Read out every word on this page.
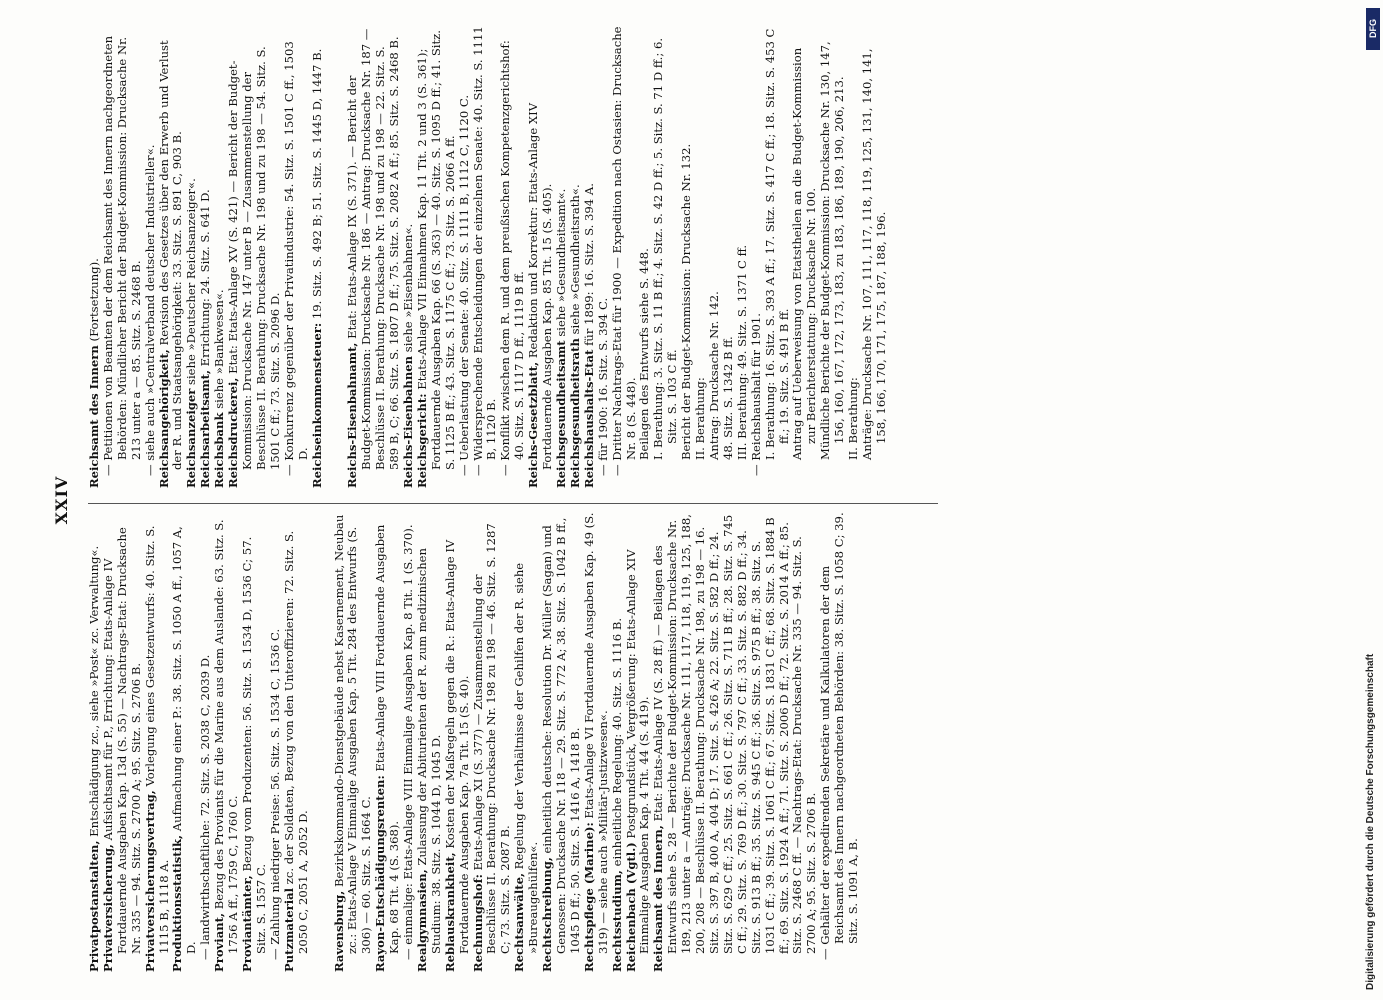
XXIV
Privatpostanstalten, Entschädigung zc., siehe »Post« zc. Verwaltung«.
Privatversicherung, Aufsichtsamt für P., Errichtung: Etats-Anlage IV Fortdauernde Ausgaben Kap. 13d (S. 55) — Nachtrags-Etat: Drucksache Nr. 335 — 94. Sitz. S. 2700 A; 95. Sitz. S. 2706 B. Privatversicherungsvertrag, Vorlegung eines Gesetzentwurfs: 40. Sitz. S. 1115 B, 1118 A. Produktionsstatistik, Aufmachung einer P.: 38. Sitz. S. 1050 A ff., 1057 A, D. — landwirthschaftliche: 72. Sitz. S. 2038 C, 2039 D. Proviant, Bezug des Proviants für die Marine aus dem Auslande: 63. Sitz. S. 1756 A ff., 1759 C, 1760 C. Proviantämter, Bezug vom Produzenten: 56. Sitz. S. 1534 D, 1536 C; 57. Sitz. S. 1557 C. — Zahlung niedriger Preise: 56. Sitz. S. 1534 C, 1536 C. Putzmaterial zc. der Soldaten, Bezug von den Unteroffizieren: 72. Sitz. S. 2050 C, 2051 A, 2052 D. Ravensburg, Bezirkskommando-Dienstgebäude nebst Kasernement, Neubau zc.: Etats-Anlage V Einmalige Ausgaben Kap. 5 Tit. 284 des Entwurfs (S. 306) — 60. Sitz. S. 1664 C. Rayon-Entschädigungsrenten: Etats-Anlage VIII Fortdauernde Ausgaben Kap. 68 Tit. 4 (S. 368). — einmalige: Etats-Anlage VIII Einmalige Ausgaben Kap. 8 Tit. 1 (S. 370). Realgymnasien, Zulassung der Abiturienten der R. zum medizinischen Studium: 38. Sitz. S. 1044 D, 1045 D. Reblauskrankheit, Kosten der Maßregeln gegen die R.: Etats-Anlage IV Fortdauernde Ausgaben Kap. 7a Tit. 15 (S. 40). Rechnungshof: Etats-Anlage XI (S. 377) — Zusammenstellung der Beschlüsse II. Berathung: Drucksache Nr. 198 zu 198 — 46. Sitz. S. 1287 C; 73. Sitz. S. 2087 B. Rechtsanwälte, Regelung der Verhältnisse der Gehilfen der R. siehe »Bureaugehülfen«. Rechtschreibung, einheitlich deutsche: Resolution Dr. Müller (Sagan) und Genossen: Drucksache Nr. 118 — 29. Sitz. S. 772 A; 38. Sitz. S. 1042 B ff., 1045 D ff.; 50. Sitz. S. 1416 A, 1418 B. Rechtspflege (Marine): Etats-Anlage VI Fortdauernde Ausgaben Kap. 49 (S. 319) — siehe auch »Militär-Justizwesen«. Rechtsstudium, einheitliche Regelung: 40. Sitz. S. 1116 B.
Reichenbach (Vgtl.) Postgrundstück, Vergrößerung: Etats-Anlage XIV Einmalige Ausgaben Kap. 4 Tit. 44 (S. 419). Reichsamt des Innern, Etat: Etats-Anlage IV (S. 28 ff.) — Beilagen des Entwurfs siehe S. 28 — Berichte der Budget-Kommission: Drucksache Nr. 189, 213 unter a — Anträge: Drucksache Nr. 111, 117, 118, 119, 125, 188, 200, 208 — Beschlüsse II. Berathung: Drucksache Nr. 198, zu 198 — 16. Sitz. S. 397 B, 400 A, 404 D; 17. Sitz. S. 426 A; 22. Sitz. S. 582 D ff.; 24. Sitz. S. 629 C ff.; 25. Sitz. S. 661 C ff.; 26. Sitz. S. 711 B ff.; 28. Sitz. S. 745 C ff.; 29. Sitz. S. 769 D ff.; 30. Sitz. S. 797 C ff.; 33. Sitz. S. 882 D ff.; 34. Sitz. S. 913 B ff.; 35. Sitz. S. 945 C ff.; 36. Sitz. S. 975 B ff.; 38. Sitz. S. 1031 C ff.; 39. Sitz. S. 1061 C ff.; 67. Sitz. S. 1831 C ff.; 68. Sitz. S. 1884 B ff.; 69. Sitz. S. 1924 A ff.; 71. Sitz. S. 2006 D ff.; 72. Sitz. S. 2014 A ff.; 85. Sitz. S. 2468 C ff. — Nachtrags-Etat: Drucksache Nr. 335 — 94. Sitz. S. 2700 A; 95. Sitz. S. 2706 B. — Gehälter der expedirenden Sekretäre und Kalkulatoren der dem Reichsamt des Innern nachgeordneten Behörden: 38. Sitz. S. 1058 C; 39. Sitz. S. 1091 A, B.
Reichsamt des Innern (Fortsetzung). — Petitionen von Beamten der dem Reichsamt des Innern nachgeordneten Behörden: Mündlicher Bericht der Budget-Kommission: Drucksache Nr. 213 unter a — 85. Sitz. S. 2468 B. — siehe auch »Centralverband deutscher Industrieller«. Reichsangehörigkeit, Revision des Gesetzes über den Erwerb und Verlust der R. und Staatsangehörigkeit: 33. Sitz. S. 891 C, 903 B. Reichsanzeiger siehe »Deutscher Reichsanzeiger«.
Reichsarbeitsamt, Errichtung: 24. Sitz. S. 641 D.
Reichsbank siehe »Bankwesen«.
Reichsdruckerei, Etat: Etats-Anlage XV (S. 421) — Bericht der Budget-Kommission: Drucksache Nr. 147 unter B — Zusammenstellung der Beschlüsse II. Berathung: Drucksache Nr. 198 und zu 198 — 54. Sitz. S. 1501 C ff.; 73. Sitz. S. 2096 D. — Konkurrenz gegenüber der Privatindustrie: 54. Sitz. S. 1501 C ff., 1503 D. Reichseinkommensteuer: 19. Sitz. S. 492 B; 51. Sitz. S. 1445 D, 1447 B.
Reichs-Eisenbahnamt, Etat: Etats-Anlage IX (S. 371). — Bericht der Budget-Kommission: Drucksache Nr. 186 — Antrag: Drucksache Nr. 187 — Beschlüsse II. Berathung: Drucksache Nr. 198 und zu 198 — 22. Sitz. S. 589 B, C; 66. Sitz. S. 1807 D ff.; 75. Sitz. S. 2082 A ff.; 85. Sitz. S. 2468 B. Reichs-Eisenbahnen siehe »Eisenbahnen«.
Reichsgericht: Etats-Anlage VII Einnahmen Kap. 11 Tit. 2 und 3 (S. 361); Fortdauernde Ausgaben Kap. 66 (S. 363) — 40. Sitz. S. 1095 D ff.; 41. Sitz. S. 1125 B ff.; 43. Sitz. S. 1175 C ff.; 73. Sitz. S. 2066 A ff. — Ueberlastung der Senate: 40. Sitz. S. 1111 B, 1112 C, 1120 C. — Widersprechende Entscheidungen der einzelnen Senate: 40. Sitz. S. 1111 B, 1120 B. — Konflikt zwischen dem R. und dem preußischen Kompetenzgerichtshof: 40. Sitz. S. 1117 D ff., 1119 B ff. Reichs-Gesetzblatt, Redaktion und Korrektur: Etats-Anlage XIV Fortdauernde Ausgaben Kap. 85 Tit. 15 (S. 405). Reichsgesundheitsamt siehe »Gesundheitsamt«.
Reichsgesundheitsrath siehe »Gesundheitsrath«.
Reichshaushalts-Etat für 1899: 16. Sitz. S. 394 A.
— für 1900: 16. Sitz. S. 394 C. — Dritter Nachtrags-Etat für 1900 — Expedition nach Ostasien: Drucksache Nr. 8 (S. 448). Beilagen des Entwurfs siehe S. 448. I. Berathung: 3. Sitz. S. 11 B ff.; 4. Sitz. S. 42 D ff.; 5. Sitz. S. 71 D ff.; 6. Sitz. S. 103 C ff. Bericht der Budget-Kommission: Drucksache Nr. 132. II. Berathung: Antrag: Drucksache Nr. 142. 48. Sitz. S. 1342 B ff. III. Berathung: 49. Sitz. S. 1371 C ff. — Reichshaushalt für 1901. I. Berathung: 16. Sitz. S. 393 A ff.; 17. Sitz. S. 417 C ff.; 18. Sitz. S. 453 C ff.; 19. Sitz. S. 491 B ff. Antrag auf Ueberweisung von Etatstheilen an die Budget-Kommission zur Berichterstattung: Drucksache Nr. 100. Mündliche Berichte der Budget-Kommission: Drucksache Nr. 130, 147, 156, 160, 167, 172, 173, 183, zu 183, 186, 189, 190, 206, 213. II. Berathung: Anträge: Drucksache Nr. 107, 111, 117, 118, 119, 125, 131, 140, 141, 158, 166, 170, 171, 175, 187, 188, 196.
DFG
Digitalisierung gefördert durch die Deutsche Forschungsgemeinschaft
